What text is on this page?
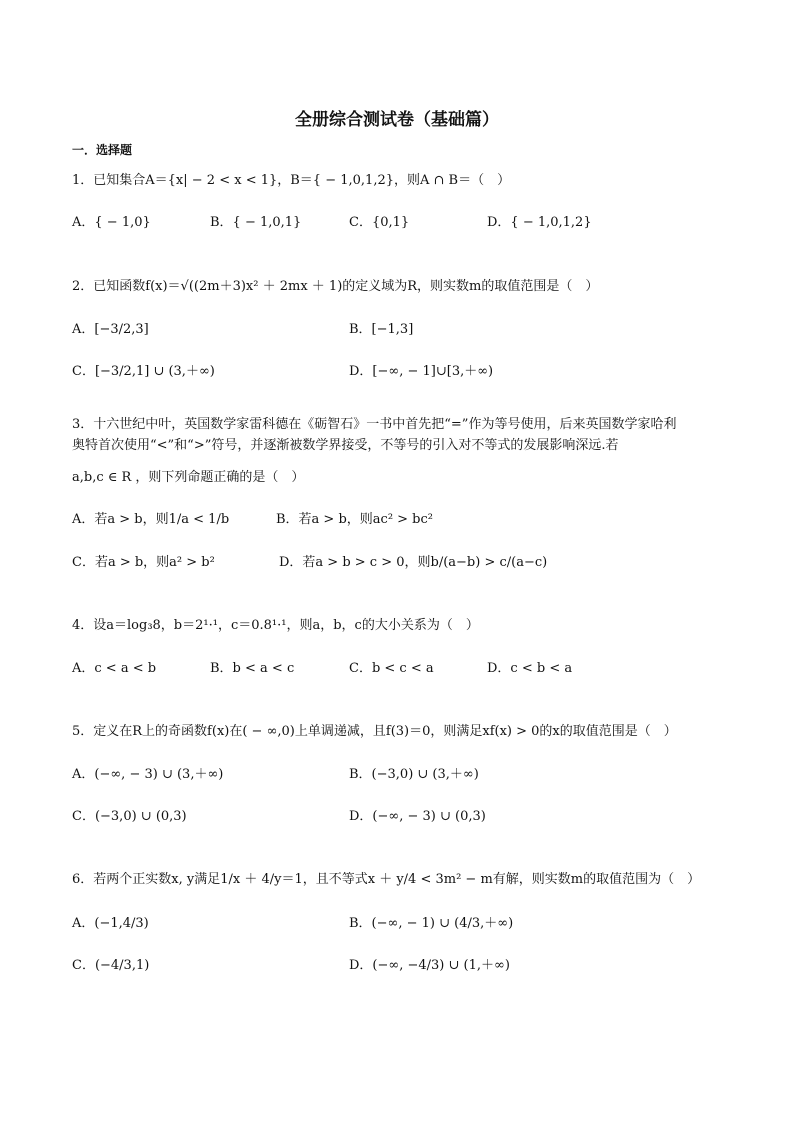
全册综合测试卷（基础篇）
一．选择题
1．已知集合A＝{x| − 2 < x < 1}，B＝{ − 1,0,1,2}，则A ∩ B＝（　）
A．{ − 1,0}	B．{ − 1,0,1}	C．{0,1}	D．{ − 1,0,1,2}
2．已知函数f(x)＝√((2m＋3)x² ＋ 2mx ＋ 1)的定义域为R，则实数m的取值范围是（　）
A．[−3/2,3]	B．[−1,3]
C．[−3/2,1] ∪ (3,＋∞)	D．[−∞, − 1]∪[3,＋∞)
3．十六世纪中叶，英国数学家雷科德在《砺智石》一书中首先把“=”作为等号使用，后来英国数学家哈利
奥特首次使用“<”和“>”符号，并逐渐被数学界接受，不等号的引入对不等式的发展影响深远.若
a,b,c ∈ R ，则下列命题正确的是（　）
A．若a > b，则1/a < 1/b	B．若a > b，则ac² > bc²
C．若a > b，则a² > b²	D．若a > b > c > 0，则b/(a−b) > c/(a−c)
4．设a＝log₃8，b＝2¹·¹，c＝0.8¹·¹，则a，b，c的大小关系为（　）
A．c < a < b	B．b < a < c	C．b < c < a	D．c < b < a
5．定义在R上的奇函数f(x)在( − ∞,0)上单调递减，且f(3)＝0，则满足xf(x) > 0的x的取值范围是（　）
A．(−∞, − 3) ∪ (3,＋∞)	B．(−3,0) ∪ (3,＋∞)
C．(−3,0) ∪ (0,3)	D．(−∞, − 3) ∪ (0,3)
6．若两个正实数x, y满足1/x ＋ 4/y＝1，且不等式x ＋ y/4 < 3m² − m有解，则实数m的取值范围为（　）
A．(−1,4/3)	B．(−∞, − 1) ∪ (4/3,＋∞)
C．(−4/3,1)	D．(−∞, −4/3) ∪ (1,＋∞)
